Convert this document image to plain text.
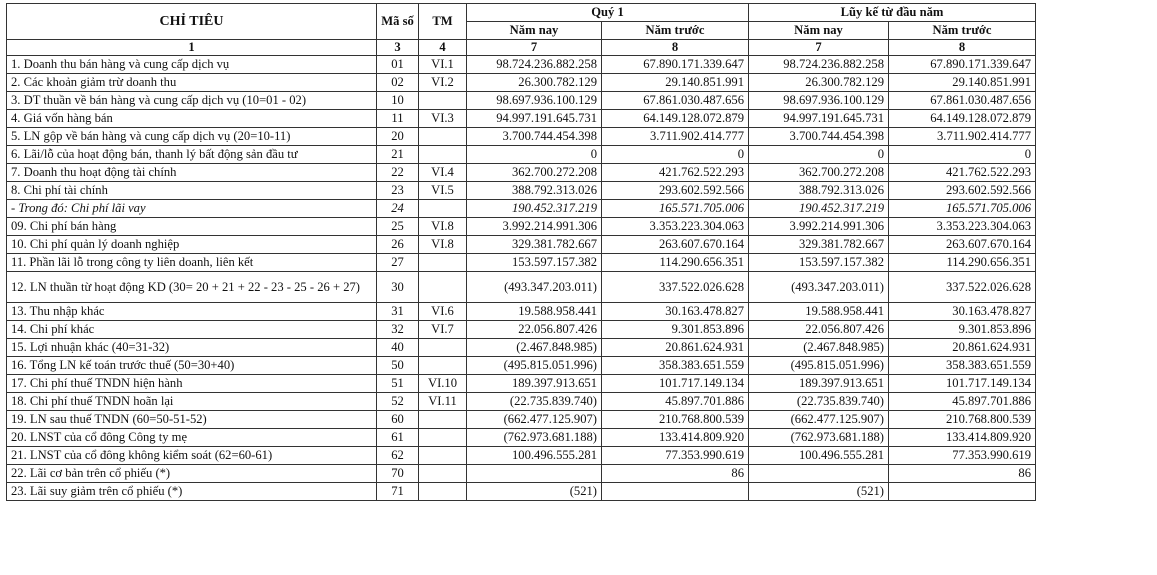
CHỈ TIÊU	Mã số	TM	Quý 1		Lũy kế từ đầu năm	
			Năm nay	Năm trước	Năm nay	Năm trước
1	3	4	7	8	7	8
1. Doanh thu bán hàng và cung cấp dịch vụ	01	VI.1	98.724.236.882.258	67.890.171.339.647	98.724.236.882.258	67.890.171.339.647
2. Các khoản giảm trừ doanh thu	02	VI.2	26.300.782.129	29.140.851.991	26.300.782.129	29.140.851.991
3. DT thuần về bán hàng và cung cấp dịch vụ (10=01 - 02)	10		98.697.936.100.129	67.861.030.487.656	98.697.936.100.129	67.861.030.487.656
4. Giá vốn hàng bán	11	VI.3	94.997.191.645.731	64.149.128.072.879	94.997.191.645.731	64.149.128.072.879
5. LN gộp về bán hàng và cung cấp dịch vụ (20=10-11)	20		3.700.744.454.398	3.711.902.414.777	3.700.744.454.398	3.711.902.414.777
6. Lãi/lỗ của hoạt động bán, thanh lý bất động sản đầu tư	21		0	0	0	0
7. Doanh thu hoạt động tài chính	22	VI.4	362.700.272.208	421.762.522.293	362.700.272.208	421.762.522.293
8. Chi phí tài chính	23	VI.5	388.792.313.026	293.602.592.566	388.792.313.026	293.602.592.566
- Trong đó: Chi phí lãi vay	24		190.452.317.219	165.571.705.006	190.452.317.219	165.571.705.006
09. Chi phí bán hàng	25	VI.8	3.992.214.991.306	3.353.223.304.063	3.992.214.991.306	3.353.223.304.063
10. Chi phí quản lý doanh nghiệp	26	VI.8	329.381.782.667	263.607.670.164	329.381.782.667	263.607.670.164
11. Phần lãi lỗ trong công ty liên doanh, liên kết	27		153.597.157.382	114.290.656.351	153.597.157.382	114.290.656.351
12. LN thuần từ hoạt động KD (30= 20 + 21 + 22 - 23 - 25 - 26 + 27)	30		(493.347.203.011)	337.522.026.628	(493.347.203.011)	337.522.026.628
13. Thu nhập khác	31	VI.6	19.588.958.441	30.163.478.827	19.588.958.441	30.163.478.827
14. Chi phí khác	32	VI.7	22.056.807.426	9.301.853.896	22.056.807.426	9.301.853.896
15. Lợi nhuận khác (40=31-32)	40		(2.467.848.985)	20.861.624.931	(2.467.848.985)	20.861.624.931
16. Tổng LN kế toán trước thuế (50=30+40)	50		(495.815.051.996)	358.383.651.559	(495.815.051.996)	358.383.651.559
17. Chi phí thuế TNDN hiện hành	51	VI.10	189.397.913.651	101.717.149.134	189.397.913.651	101.717.149.134
18. Chi phí thuế TNDN hoãn lại	52	VI.11	(22.735.839.740)	45.897.701.886	(22.735.839.740)	45.897.701.886
19. LN sau thuế TNDN (60=50-51-52)	60		(662.477.125.907)	210.768.800.539	(662.477.125.907)	210.768.800.539
20. LNST của cổ đông Công ty mẹ	61		(762.973.681.188)	133.414.809.920	(762.973.681.188)	133.414.809.920
21. LNST của cổ đông không kiểm soát (62=60-61)	62		100.496.555.281	77.353.990.619	100.496.555.281	77.353.990.619
22. Lãi cơ bản trên cổ phiếu (*)	70			86		86
23. Lãi suy giảm trên cổ phiếu (*)	71		(521)		(521)	
